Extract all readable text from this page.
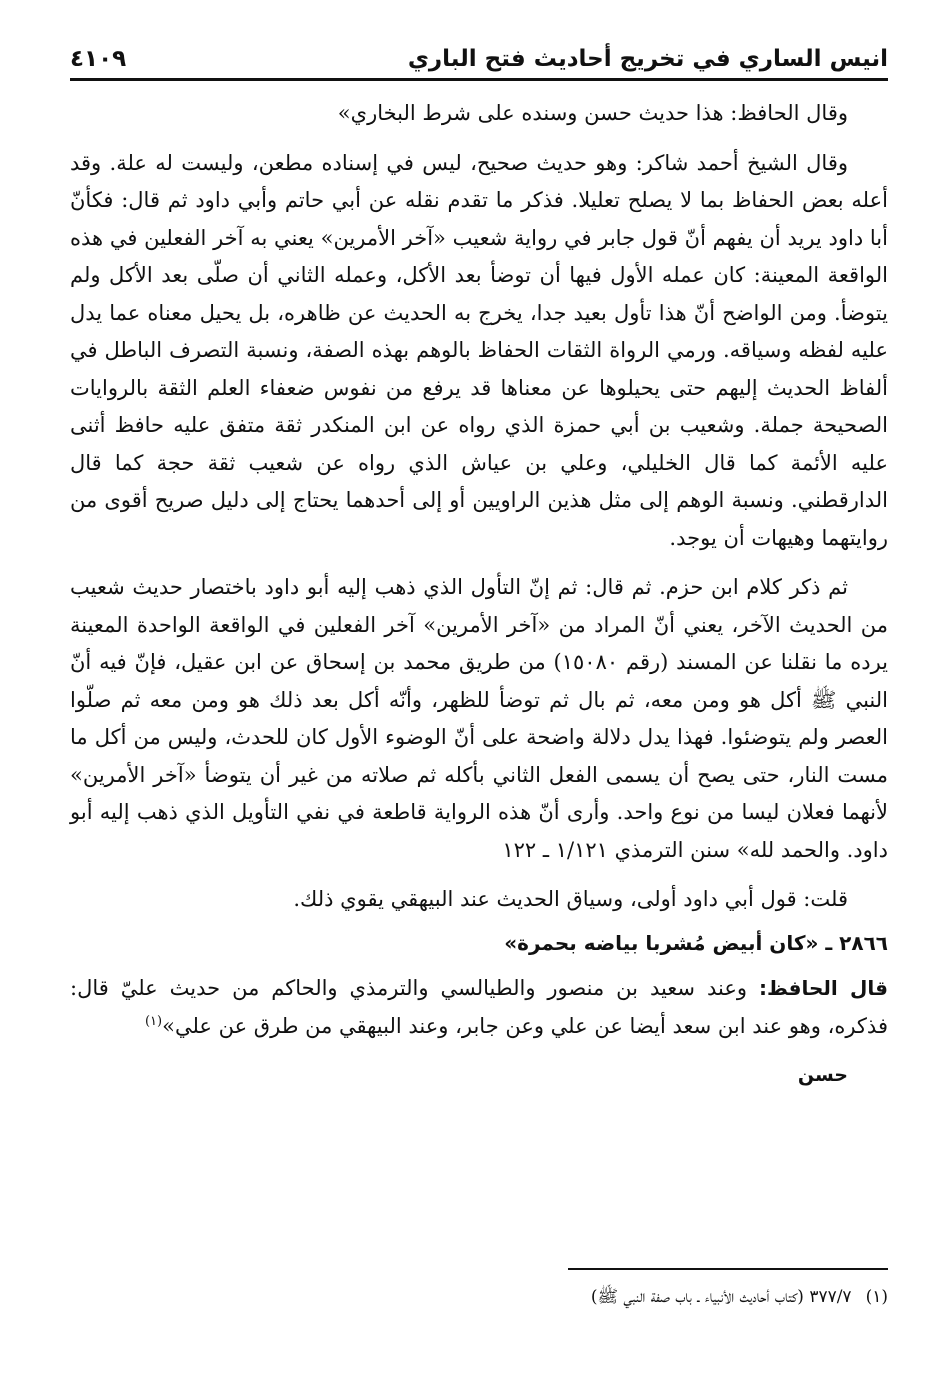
انيس الساري في تخريج أحاديث فتح الباري
٤١٠٩

وقال الحافظ: هذا حديث حسن وسنده على شرط البخاري»

وقال الشيخ أحمد شاكر: وهو حديث صحيح، ليس في إسناده مطعن، وليست له علة. وقد أعله بعض الحفاظ بما لا يصلح تعليلا. فذكر ما تقدم نقله عن أبي حاتم وأبي داود ثم قال: فكأنّ أبا داود يريد أن يفهم أنّ قول جابر في رواية شعيب «آخر الأمرين» يعني به آخر الفعلين في هذه الواقعة المعينة: كان عمله الأول فيها أن توضأ بعد الأكل، وعمله الثاني أن صلّى بعد الأكل ولم يتوضأ. ومن الواضح أنّ هذا تأول بعيد جدا، يخرج به الحديث عن ظاهره، بل يحيل معناه عما يدل عليه لفظه وسياقه. ورمي الرواة الثقات الحفاظ بالوهم بهذه الصفة، ونسبة التصرف الباطل في ألفاظ الحديث إليهم حتى يحيلوها عن معناها قد يرفع من نفوس ضعفاء العلم الثقة بالروايات الصحيحة جملة. وشعيب بن أبي حمزة الذي رواه عن ابن المنكدر ثقة متفق عليه حافظ أثنى عليه الأئمة كما قال الخليلي، وعلي بن عياش الذي رواه عن شعيب ثقة حجة كما قال الدارقطني. ونسبة الوهم إلى مثل هذين الراويين أو إلى أحدهما يحتاج إلى دليل صريح أقوى من روايتهما وهيهات أن يوجد.

ثم ذكر كلام ابن حزم. ثم قال: ثم إنّ التأول الذي ذهب إليه أبو داود باختصار حديث شعيب من الحديث الآخر، يعني أنّ المراد من «آخر الأمرين» آخر الفعلين في الواقعة الواحدة المعينة يرده ما نقلنا عن المسند (رقم ١٥٠٨٠) من طريق محمد بن إسحاق عن ابن عقيل، فإنّ فيه أنّ النبي ﷺ أكل هو ومن معه، ثم بال ثم توضأ للظهر، وأنّه أكل بعد ذلك هو ومن معه ثم صلّوا العصر ولم يتوضئوا. فهذا يدل دلالة واضحة على أنّ الوضوء الأول كان للحدث، وليس من أكل ما مست النار، حتى يصح أن يسمى الفعل الثاني بأكله ثم صلاته من غير أن يتوضأ «آخر الأمرين» لأنهما فعلان ليسا من نوع واحد. وأرى أنّ هذه الرواية قاطعة في نفي التأويل الذي ذهب إليه أبو داود. والحمد لله» سنن الترمذي ١/١٢١ ـ ١٢٢

قلت: قول أبي داود أولى، وسياق الحديث عند البيهقي يقوي ذلك.

٢٨٦٦ ـ «كان أبيض مُشربا بياضه بحمرة»

قال الحافظ: وعند سعيد بن منصور والطيالسي والترمذي والحاكم من حديث عليّ قال: فذكره، وهو عند ابن سعد أيضا عن علي وعن جابر، وعند البيهقي من طرق عن علي»$^{(١)}$

حسن

(١)
٣٧٧/٧ (كتاب أحاديث الأنبياء ـ باب صفة النبي ﷺ)
